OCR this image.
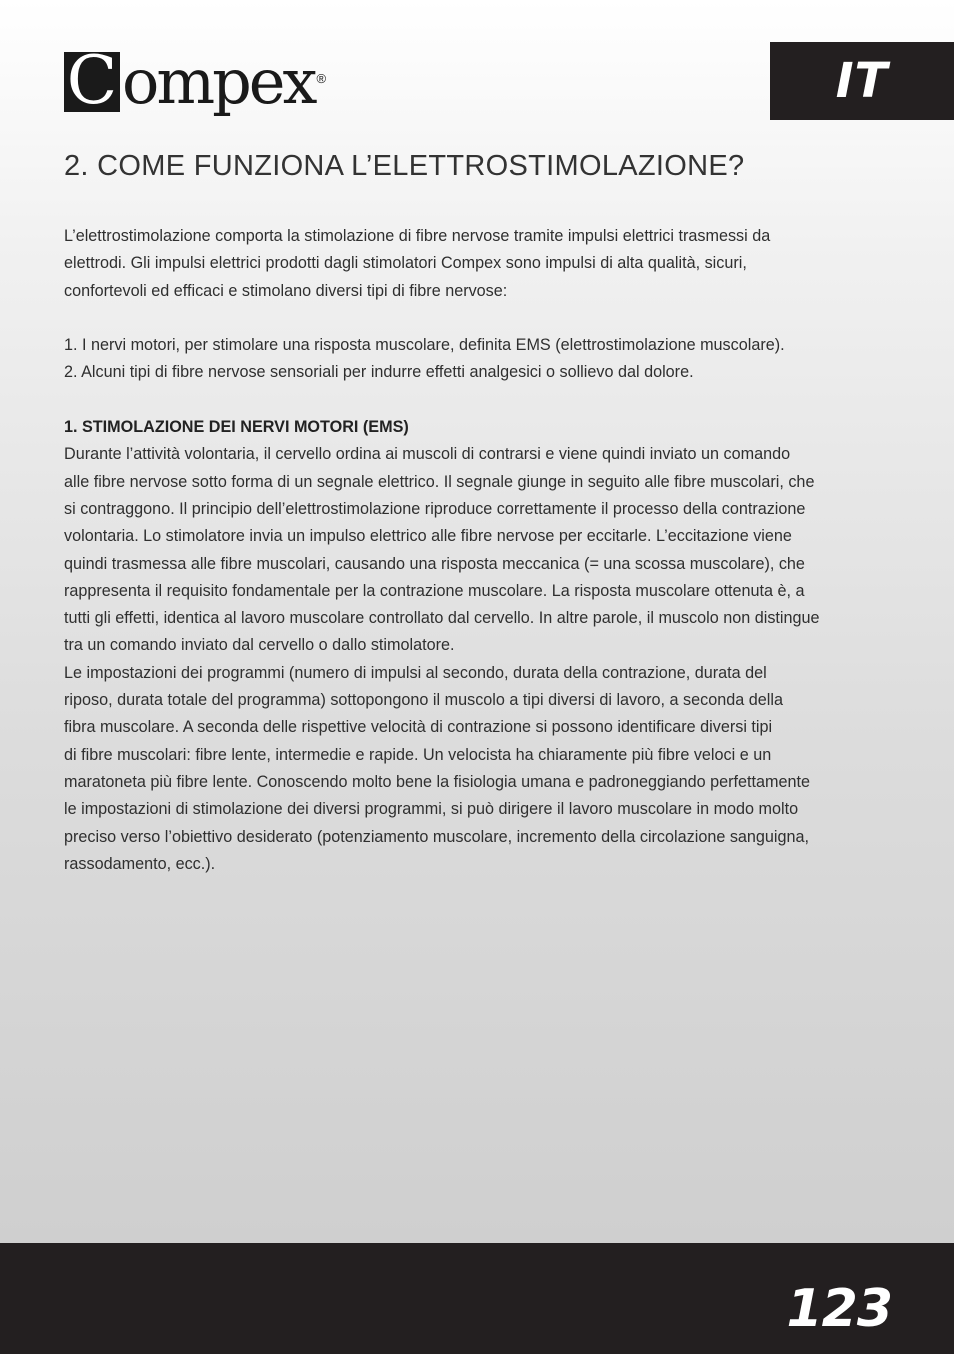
C ompex ®	IT
2. COME FUNZIONA L’ELETTROSTIMOLAZIONE?

L’elettrostimolazione comporta la stimolazione di fibre nervose tramite impulsi elettrici trasmessi da

elettrodi. Gli impulsi elettrici prodotti dagli stimolatori Compex sono impulsi di alta qualità, sicuri,

confortevoli ed efficaci e stimolano diversi tipi di fibre nervose:

1. I nervi motori, per stimolare una risposta muscolare, definita EMS (elettrostimolazione muscolare).

2. Alcuni tipi di fibre nervose sensoriali per indurre effetti analgesici o sollievo dal dolore.

1. STIMOLAZIONE DEI NERVI MOTORI (EMS)

Durante l’attività volontaria, il cervello ordina ai muscoli di contrarsi e viene quindi inviato un comando

alle fibre nervose sotto forma di un segnale elettrico. Il segnale giunge in seguito alle fibre muscolari, che

si contraggono. Il principio dell’elettrostimolazione riproduce correttamente il processo della contrazione

volontaria. Lo stimolatore invia un impulso elettrico alle fibre nervose per eccitarle. L’eccitazione viene

quindi trasmessa alle fibre muscolari, causando una risposta meccanica (= una scossa muscolare), che

rappresenta il requisito fondamentale per la contrazione muscolare. La risposta muscolare ottenuta è, a

tutti gli effetti, identica al lavoro muscolare controllato dal cervello. In altre parole, il muscolo non distingue

tra un comando inviato dal cervello o dallo stimolatore.

Le impostazioni dei programmi (numero di impulsi al secondo, durata della contrazione, durata del

riposo, durata totale del programma) sottopongono il muscolo a tipi diversi di lavoro, a seconda della

fibra muscolare. A seconda delle rispettive velocità di contrazione si possono identificare diversi tipi

di fibre muscolari: fibre lente, intermedie e rapide. Un velocista ha chiaramente più fibre veloci e un

maratoneta più fibre lente. Conoscendo molto bene la fisiologia umana e padroneggiando perfettamente

le impostazioni di stimolazione dei diversi programmi, si può dirigere il lavoro muscolare in modo molto

preciso verso l’obiettivo desiderato (potenziamento muscolare, incremento della circolazione sanguigna,

rassodamento, ecc.).

123
